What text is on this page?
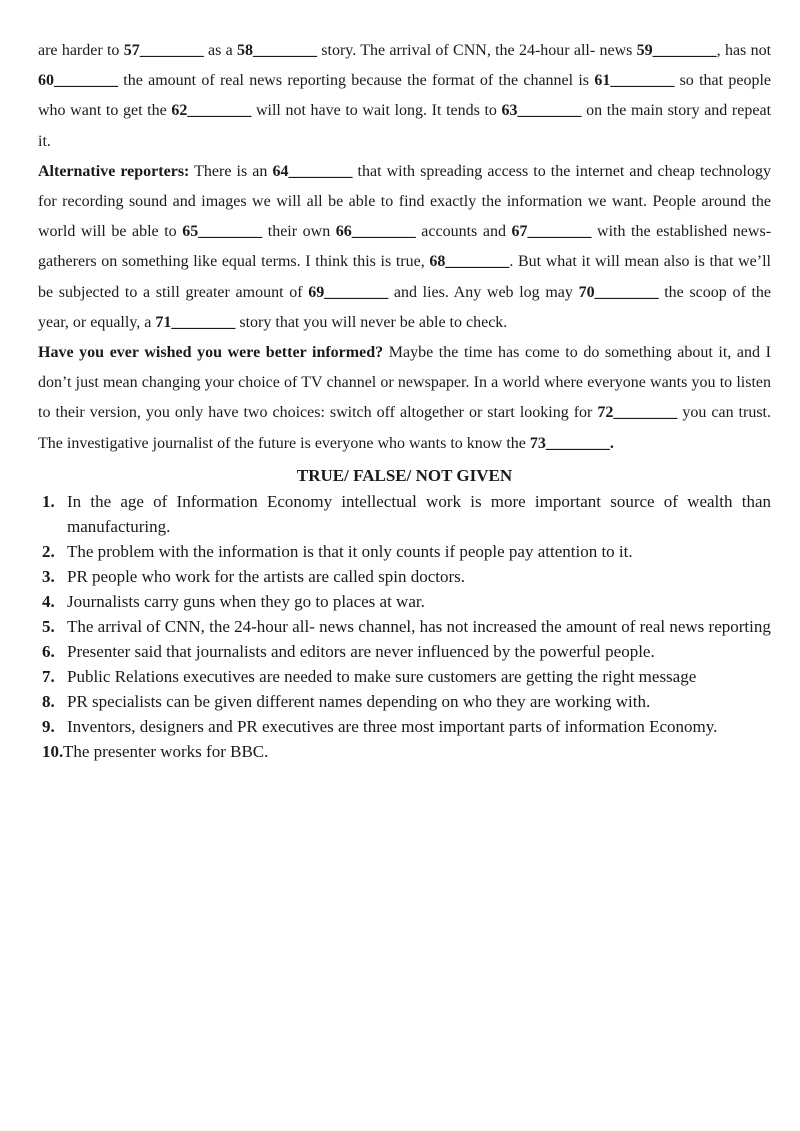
are harder to 57________ as a 58________ story. The arrival of CNN, the 24-hour all- news 59________, has not 60________ the amount of real news reporting because the format of the channel is 61________ so that people who want to get the 62________ will not have to wait long. It tends to 63________ on the main story and repeat it.

Alternative reporters: There is an 64________ that with spreading access to the internet and cheap technology for recording sound and images we will all be able to find exactly the information we want. People around the world will be able to 65________ their own 66________ accounts and 67________ with the established news-gatherers on something like equal terms. I think this is true, 68________. But what it will mean also is that we’ll be subjected to a still greater amount of 69________ and lies. Any web log may 70________ the scoop of the year, or equally, a 71________ story that you will never be able to check.

Have you ever wished you were better informed? Maybe the time has come to do something about it, and I don’t just mean changing your choice of TV channel or newspaper. In a world where everyone wants you to listen to their version, you only have two choices: switch off altogether or start looking for 72________ you can trust. The investigative journalist of the future is everyone who wants to know the 73________.

TRUE/ FALSE/ NOT GIVEN
1. In the age of Information Economy intellectual work is more important source of wealth than manufacturing.
2. The problem with the information is that it only counts if people pay attention to it.
3. PR people who work for the artists are called spin doctors.
4. Journalists carry guns when they go to places at war.
5. The arrival of CNN, the 24-hour all- news channel, has not increased the amount of real news reporting
6. Presenter said that journalists and editors are never influenced by the powerful people.
7. Public Relations executives are needed to make sure customers are getting the right message
8. PR specialists can be given different names depending on who they are working with.
9. Inventors, designers and PR executives are three most important parts of information Economy.
10. The presenter works for BBC.
